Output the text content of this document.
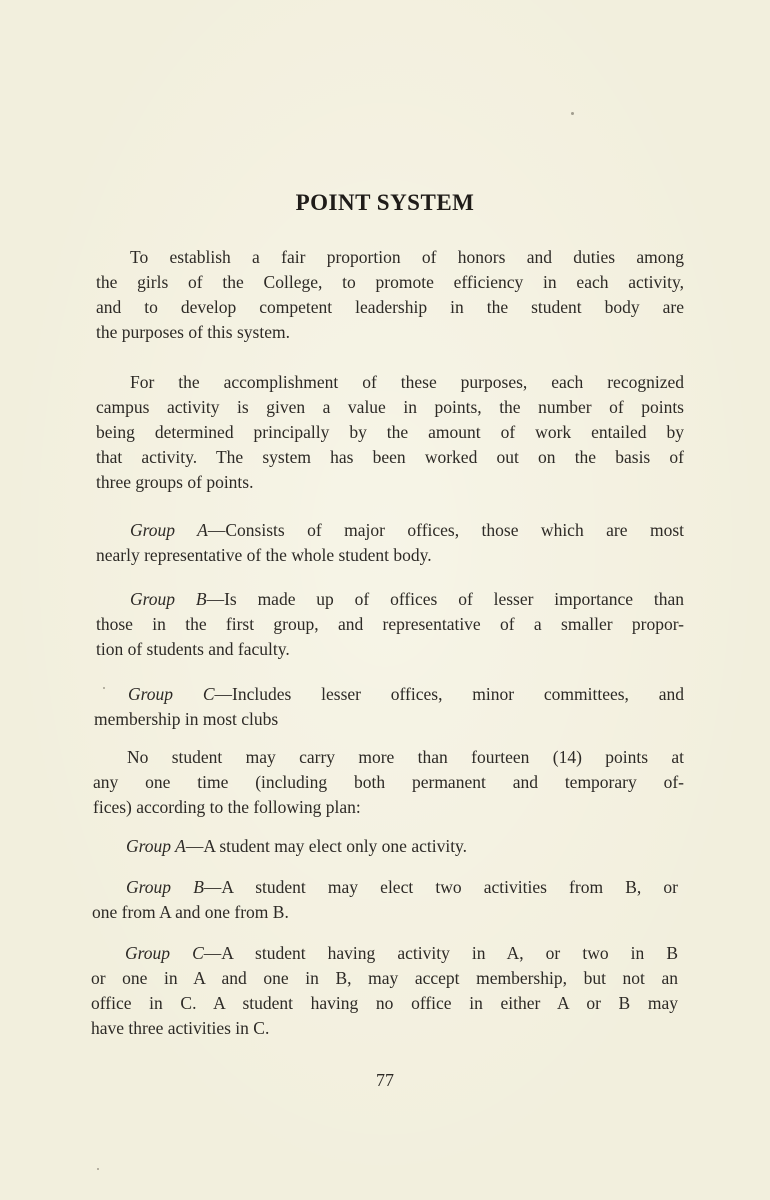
POINT SYSTEM
To establish a fair proportion of honors and duties among
the girls of the College, to promote efficiency in each activity,
and to develop competent leadership in the student body are
the purposes of this system.
For the accomplishment of these purposes, each recognized
campus activity is given a value in points, the number of points
being determined principally by the amount of work entailed by
that activity. The system has been worked out on the basis of
three groups of points.
Group A—Consists of major offices, those which are most
nearly representative of the whole student body.
Group B—Is made up of offices of lesser importance than
those in the first group, and representative of a smaller propor-
tion of students and faculty.
Group C—Includes lesser offices, minor committees, and
membership in most clubs
No student may carry more than fourteen (14) points at
any one time (including both permanent and temporary of-
fices) according to the following plan:
Group A—A student may elect only one activity.
Group B—A student may elect two activities from B, or
one from A and one from B.
Group C—A student having activity in A, or two in B
or one in A and one in B, may accept membership, but not an
office in C. A student having no office in either A or B may
have three activities in C.
77
